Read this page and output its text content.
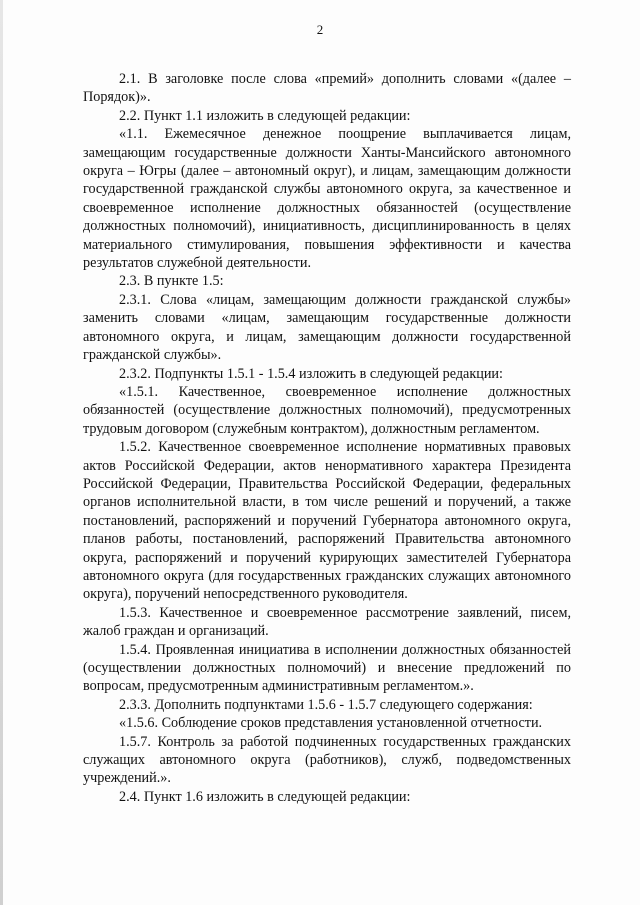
2

2.1. В заголовке после слова «премий» дополнить словами «(далее – Порядок)».

2.2. Пункт 1.1 изложить в следующей редакции:

«1.1. Ежемесячное денежное поощрение выплачивается лицам, замещающим государственные должности Ханты-Мансийского автономного округа – Югры (далее – автономный округ), и лицам, замещающим должности государственной гражданской службы автономного округа, за качественное и своевременное исполнение должностных обязанностей (осуществление должностных полномочий), инициативность, дисциплинированность в целях материального стимулирования, повышения эффективности и качества результатов служебной деятельности.

2.3. В пункте 1.5:

2.3.1. Слова «лицам, замещающим должности гражданской службы» заменить словами «лицам, замещающим государственные должности автономного округа, и лицам, замещающим должности государственной гражданской службы».

2.3.2. Подпункты 1.5.1 - 1.5.4 изложить в следующей редакции:

«1.5.1. Качественное, своевременное исполнение должностных обязанностей (осуществление должностных полномочий), предусмотренных трудовым договором (служебным контрактом), должностным регламентом.

1.5.2. Качественное своевременное исполнение нормативных правовых актов Российской Федерации, актов ненормативного характера Президента Российской Федерации, Правительства Российской Федерации, федеральных органов исполнительной власти, в том числе решений и поручений, а также постановлений, распоряжений и поручений Губернатора автономного округа, планов работы, постановлений, распоряжений Правительства автономного округа, распоряжений и поручений курирующих заместителей Губернатора автономного округа (для государственных гражданских служащих автономного округа), поручений непосредственного руководителя.

1.5.3. Качественное и своевременное рассмотрение заявлений, писем, жалоб граждан и организаций.

1.5.4. Проявленная инициатива в исполнении должностных обязанностей (осуществлении должностных полномочий) и внесение предложений по вопросам, предусмотренным административным регламентом.».

2.3.3. Дополнить подпунктами 1.5.6 - 1.5.7 следующего содержания:

«1.5.6. Соблюдение сроков представления установленной отчетности.

1.5.7. Контроль за работой подчиненных государственных гражданских служащих автономного округа (работников), служб, подведомственных учреждений.».

2.4. Пункт 1.6 изложить в следующей редакции:
